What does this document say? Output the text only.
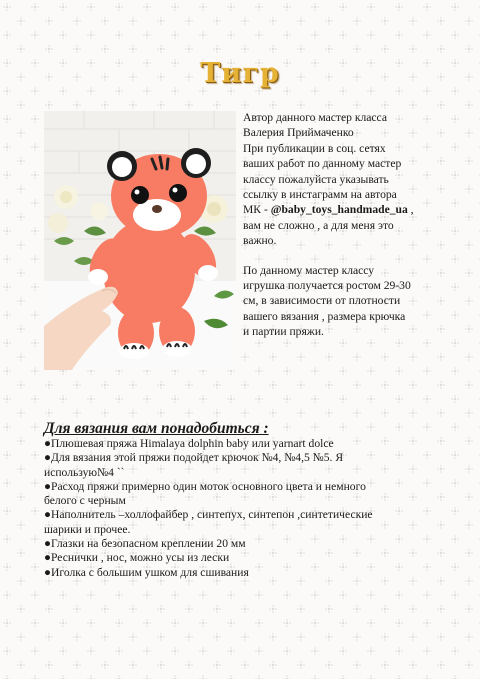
Тигр

Автор данного мастер класса

Валерия Приймаченко

При публикации в соц. сетях

ваших работ по данному мастер

классу пожалуйста указывать

ссылку в инстаграмм на автора

МК - @baby_toys_handmade_ua ,

вам не сложно , а для меня это

важно.

По данному мастер классу

игрушка получается ростом 29-30

см, в зависимости от плотности

вашего вязания , размера крючка

и партии пряжи.

Для вязания вам понадобиться :
●Плюшевая пряжа Himalaya dolphin baby или yarnart dolce
●Для вязания этой пряжи подойдет крючок №4, №4,5 №5. Я
использую№4 ``
●Расход пряжи примерно один моток основного цвета и немного
белого с черным
●Наполнитель –холлофайбер , синтепух, синтепон ,синтетические
шарики и прочее.
●Глазки на безопасном креплении 20 мм
●Реснички , нос, можно усы из лески
●Иголка с большим ушком для сшивания
